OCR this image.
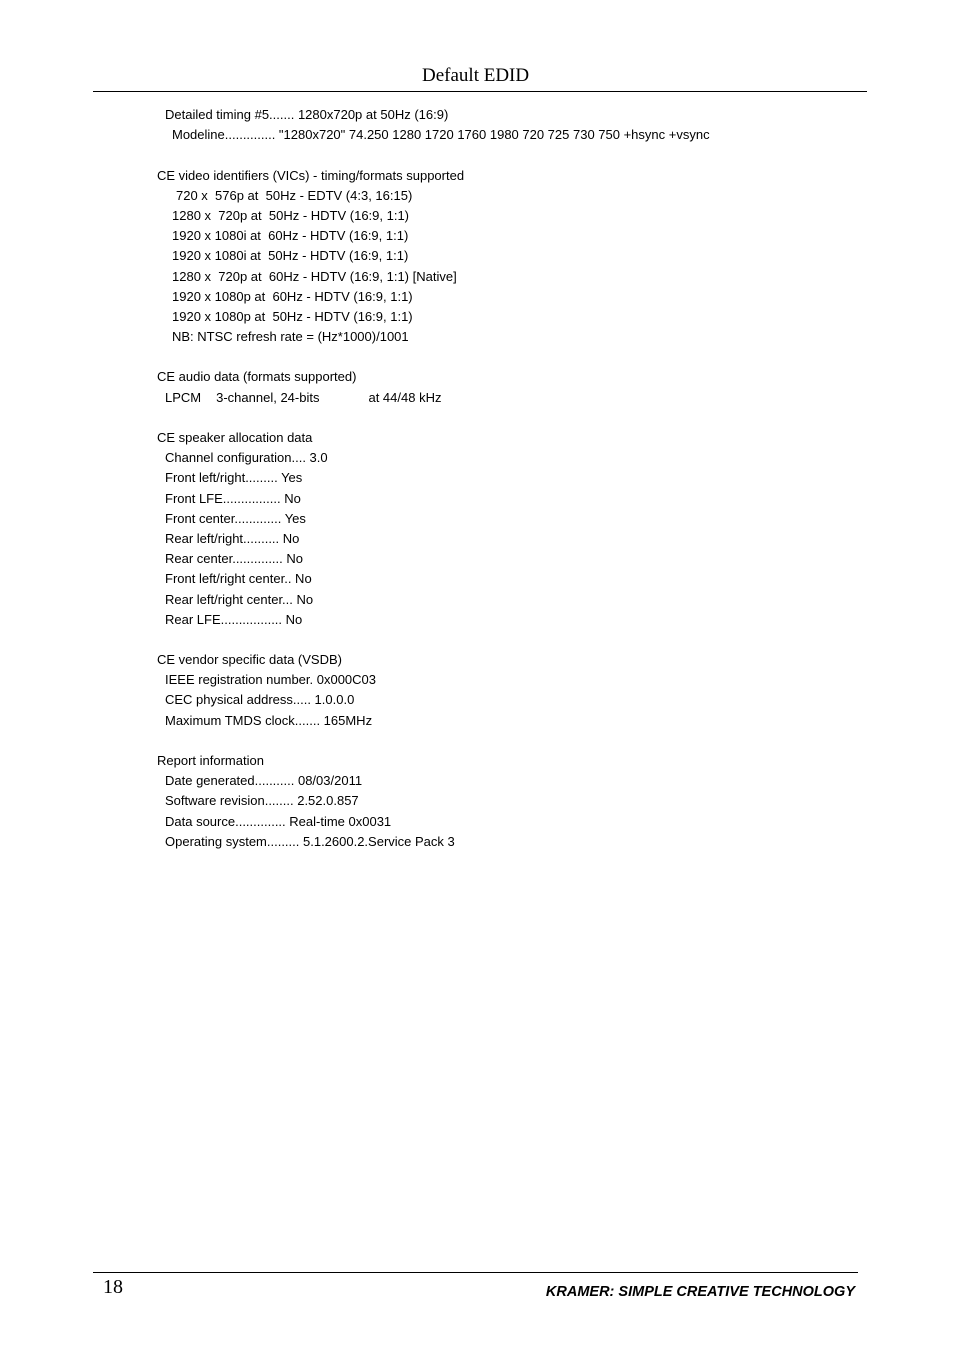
Default EDID
Detailed timing #5....... 1280x720p at 50Hz (16:9)
Modeline.............. "1280x720" 74.250 1280 1720 1760 1980 720 725 730 750 +hsync +vsync
CE video identifiers (VICs) - timing/formats supported
720 x  576p at  50Hz - EDTV (4:3, 16:15)
1280 x  720p at  50Hz - HDTV (16:9, 1:1)
1920 x 1080i at  60Hz - HDTV (16:9, 1:1)
1920 x 1080i at  50Hz - HDTV (16:9, 1:1)
1280 x  720p at  60Hz - HDTV (16:9, 1:1) [Native]
1920 x 1080p at  60Hz - HDTV (16:9, 1:1)
1920 x 1080p at  50Hz - HDTV (16:9, 1:1)
NB: NTSC refresh rate = (Hz*1000)/1001
CE audio data (formats supported)
LPCM 3-channel, 24-bits	at 44/48 kHz
CE speaker allocation data
Channel configuration.... 3.0
Front left/right......... Yes
Front LFE................ No
Front center............. Yes
Rear left/right.......... No
Rear center.............. No
Front left/right center.. No
Rear left/right center... No
Rear LFE................. No
CE vendor specific data (VSDB)
IEEE registration number. 0x000C03
CEC physical address..... 1.0.0.0
Maximum TMDS clock....... 165MHz
Report information
Date generated........... 08/03/2011
Software revision........ 2.52.0.857
Data source.............. Real-time 0x0031
Operating system......... 5.1.2600.2.Service Pack 3
18	KRAMER: SIMPLE CREATIVE TECHNOLOGY
